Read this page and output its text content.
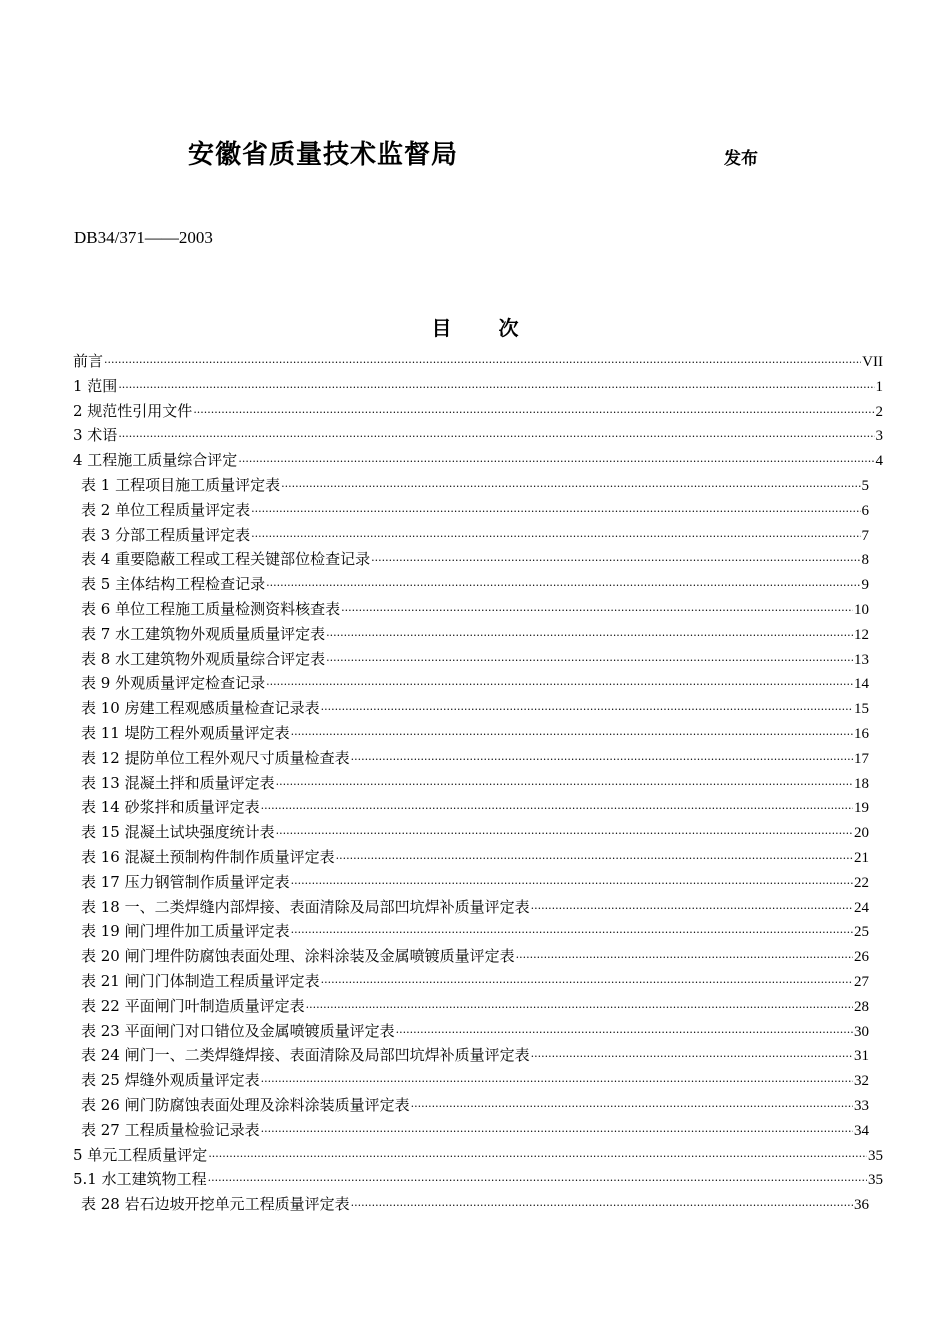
安徽省质量技术监督局	发布
DB34/371——2003
目 次
前言 ·····	VII
1 范围 ·····	1
2 规范性引用文件 ·····	2
3 术语 ·····	3
4 工程施工质量综合评定 ·····	4
表 1 工程项目施工质量评定表 ·····	5
表 2 单位工程质量评定表 ·····	6
表 3 分部工程质量评定表 ·····	7
表 4 重要隐蔽工程或工程关键部位检查记录 ·····	8
表 5 主体结构工程检查记录 ·····	9
表 6 单位工程施工质量检测资料核查表 ·····	10
表 7 水工建筑物外观质量质量评定表 ·····	12
表 8 水工建筑物外观质量综合评定表 ·····	13
表 9 外观质量评定检查记录 ·····	14
表 10 房建工程观感质量检查记录表 ·····	15
表 11 堤防工程外观质量评定表 ·····	16
表 12 提防单位工程外观尺寸质量检查表 ·····	17
表 13 混凝土拌和质量评定表 ·····	18
表 14 砂浆拌和质量评定表 ·····	19
表 15 混凝土试块强度统计表 ·····	20
表 16 混凝土预制构件制作质量评定表 ·····	21
表 17 压力钢管制作质量评定表 ·····	22
表 18 一、二类焊缝内部焊接、表面清除及局部凹坑焊补质量评定表 ·····	24
表 19 闸门埋件加工质量评定表 ·····	25
表 20 闸门埋件防腐蚀表面处理、涂料涂装及金属喷镀质量评定表 ·····	26
表 21 闸门门体制造工程质量评定表 ·····	27
表 22 平面闸门叶制造质量评定表 ·····	28
表 23 平面闸门对口错位及金属喷镀质量评定表 ·····	30
表 24 闸门一、二类焊缝焊接、表面清除及局部凹坑焊补质量评定表 ·····	31
表 25 焊缝外观质量评定表 ·····	32
表 26 闸门防腐蚀表面处理及涂料涂装质量评定表 ·····	33
表 27 工程质量检验记录表 ·····	34
5 单元工程质量评定 ·····	35
5.1 水工建筑物工程 ·····	35
表 28 岩石边坡开挖单元工程质量评定表 ·····	36
